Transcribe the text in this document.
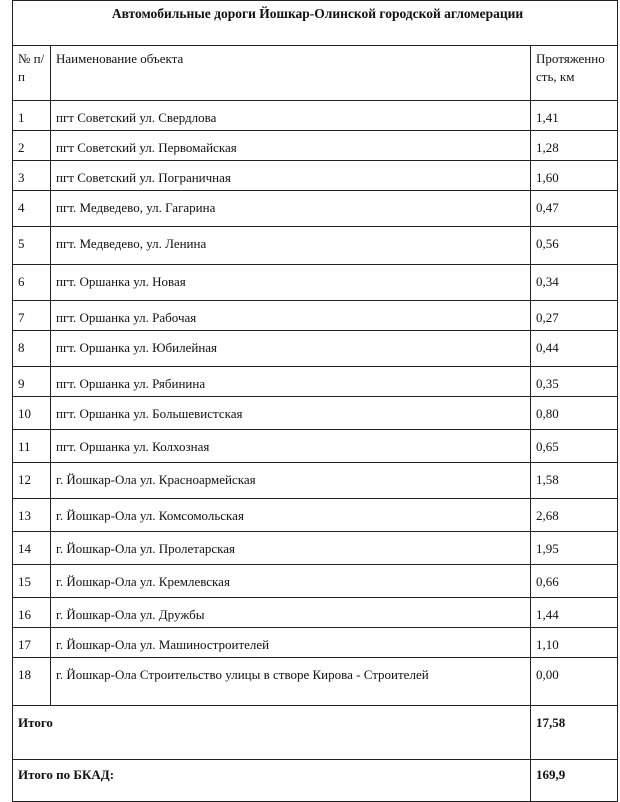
Автомобильные дороги Йошкар-Олинской городской агломерации		
№ п/п	Наименование объекта	Протяженность, км

1	пгт Советский ул. Свердлова	1,41
2	пгт Советский ул. Первомайская	1,28
3	пгт Советский ул. Пограничная	1,60
4	пгт. Медведево, ул. Гагарина	0,47
5	пгт. Медведево, ул. Ленина	0,56
6	пгт. Оршанка ул. Новая	0,34
7	пгт. Оршанка ул. Рабочая	0,27
8	пгт. Оршанка ул. Юбилейная	0,44
9	пгт. Оршанка ул. Рябинина	0,35
10	пгт. Оршанка ул. Большевистская	0,80
11	пгт. Оршанка ул. Колхозная	0,65
12	г. Йошкар-Ола ул. Красноармейская	1,58
13	г. Йошкар-Ола ул. Комсомольская	2,68
14	г. Йошкар-Ола ул. Пролетарская	1,95
15	г. Йошкар-Ола ул. Кремлевская	0,66
16	г. Йошкар-Ола ул. Дружбы	1,44
17	г. Йошкар-Ола ул. Машиностроителей	1,10
18	г. Йошкар-Ола Строительство улицы в створе Кирова - Строителей	0,00
Итого		17,58
Итого по БКАД:		169,9
